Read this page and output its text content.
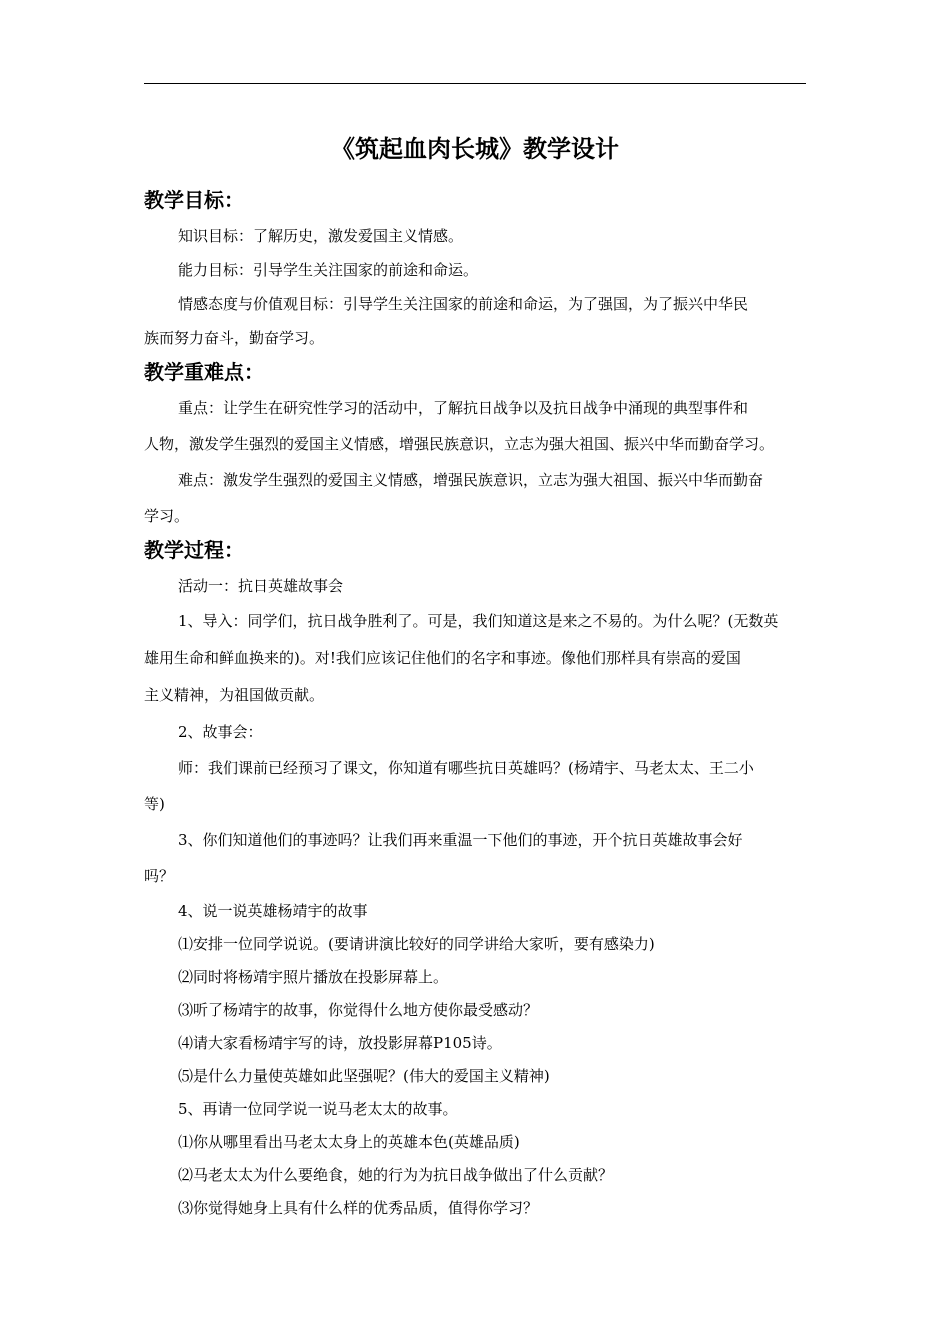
《筑起血肉长城》教学设计
教学目标：
知识目标：了解历史，激发爱国主义情感。
能力目标：引导学生关注国家的前途和命运。
情感态度与价值观目标：引导学生关注国家的前途和命运，为了强国，为了振兴中华民
族而努力奋斗，勤奋学习。
教学重难点：
重点：让学生在研究性学习的活动中，了解抗日战争以及抗日战争中涌现的典型事件和
人物，激发学生强烈的爱国主义情感，增强民族意识，立志为强大祖国、振兴中华而勤奋学习。
难点：激发学生强烈的爱国主义情感，增强民族意识，立志为强大祖国、振兴中华而勤奋
学习。
教学过程：
活动一：抗日英雄故事会
1、导入：同学们，抗日战争胜利了。可是，我们知道这是来之不易的。为什么呢？(无数英
雄用生命和鲜血换来的)。对!我们应该记住他们的名字和事迹。像他们那样具有崇高的爱国
主义精神，为祖国做贡献。
2、故事会：
师：我们课前已经预习了课文，你知道有哪些抗日英雄吗？(杨靖宇、马老太太、王二小
等)
3、你们知道他们的事迹吗？让我们再来重温一下他们的事迹，开个抗日英雄故事会好
吗？
4、说一说英雄杨靖宇的故事
⑴安排一位同学说说。(要请讲演比较好的同学讲给大家听，要有感染力)
⑵同时将杨靖宇照片播放在投影屏幕上。
⑶听了杨靖宇的故事，你觉得什么地方使你最受感动？
⑷请大家看杨靖宇写的诗，放投影屏幕P105诗。
⑸是什么力量使英雄如此坚强呢？(伟大的爱国主义精神)
5、再请一位同学说一说马老太太的故事。
⑴你从哪里看出马老太太身上的英雄本色(英雄品质)
⑵马老太太为什么要绝食，她的行为为抗日战争做出了什么贡献？
⑶你觉得她身上具有什么样的优秀品质，值得你学习？
